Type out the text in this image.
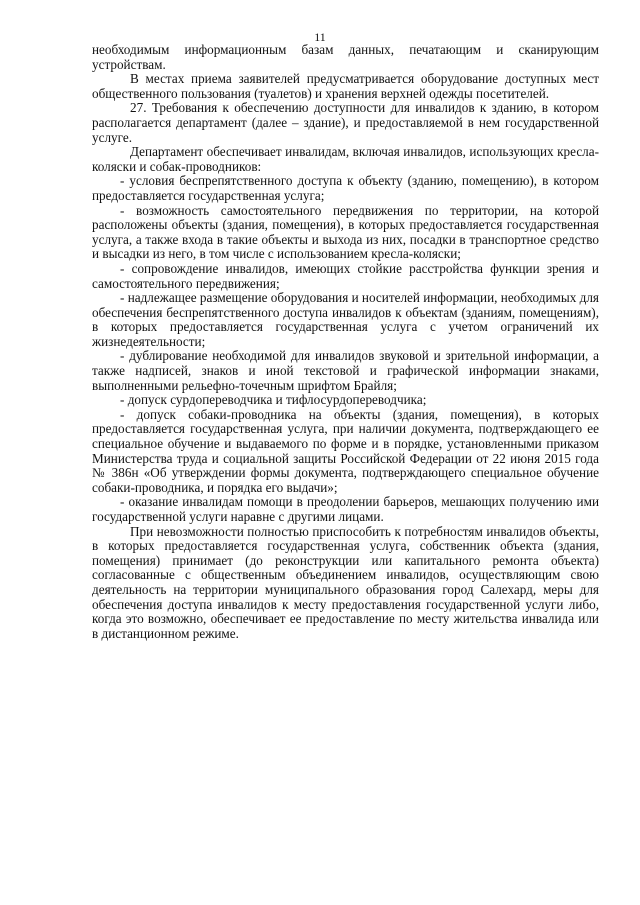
11

необходимым информационным базам данных, печатающим и сканирующим устройствам.

В местах приема заявителей предусматривается оборудование доступных мест общественного пользования (туалетов) и хранения верхней одежды посетителей.

27. Требования к обеспечению доступности для инвалидов к зданию, в котором располагается департамент (далее – здание), и предоставляемой в нем государственной услуге.

Департамент обеспечивает инвалидам, включая инвалидов, использующих кресла-коляски и собак-проводников:

- условия беспрепятственного доступа к объекту (зданию, помещению), в котором предоставляется государственная услуга;

- возможность самостоятельного передвижения по территории, на которой расположены объекты (здания, помещения), в которых предоставляется государственная услуга, а также входа в такие объекты и выхода из них, посадки в транспортное средство и высадки из него, в том числе с использованием кресла-коляски;

- сопровождение инвалидов, имеющих стойкие расстройства функции зрения и самостоятельного передвижения;

- надлежащее размещение оборудования и носителей информации, необходимых для обеспечения беспрепятственного доступа инвалидов к объектам (зданиям, помещениям), в которых предоставляется государственная услуга с учетом ограничений их жизнедеятельности;

- дублирование необходимой для инвалидов звуковой и зрительной информации, а также надписей, знаков и иной текстовой и графической информации знаками, выполненными рельефно-точечным шрифтом Брайля;

- допуск сурдопереводчика и тифлосурдопереводчика;

- допуск собаки-проводника на объекты (здания, помещения), в которых предоставляется государственная услуга, при наличии документа, подтверждающего ее специальное обучение и выдаваемого по форме и в порядке, установленными приказом Министерства труда и социальной защиты Российской Федерации от 22 июня 2015 года № 386н «Об утверждении формы документа, подтверждающего специальное обучение собаки-проводника, и порядка его выдачи»;

- оказание инвалидам помощи в преодолении барьеров, мешающих получению ими государственной услуги наравне с другими лицами.

При невозможности полностью приспособить к потребностям инвалидов объекты, в которых предоставляется государственная услуга, собственник объекта (здания, помещения) принимает (до реконструкции или капитального ремонта объекта) согласованные с общественным объединением инвалидов, осуществляющим свою деятельность на территории муниципального образования город Салехард, меры для обеспечения доступа инвалидов к месту предоставления государственной услуги либо, когда это возможно, обеспечивает ее предоставление по месту жительства инвалида или в дистанционном режиме.
